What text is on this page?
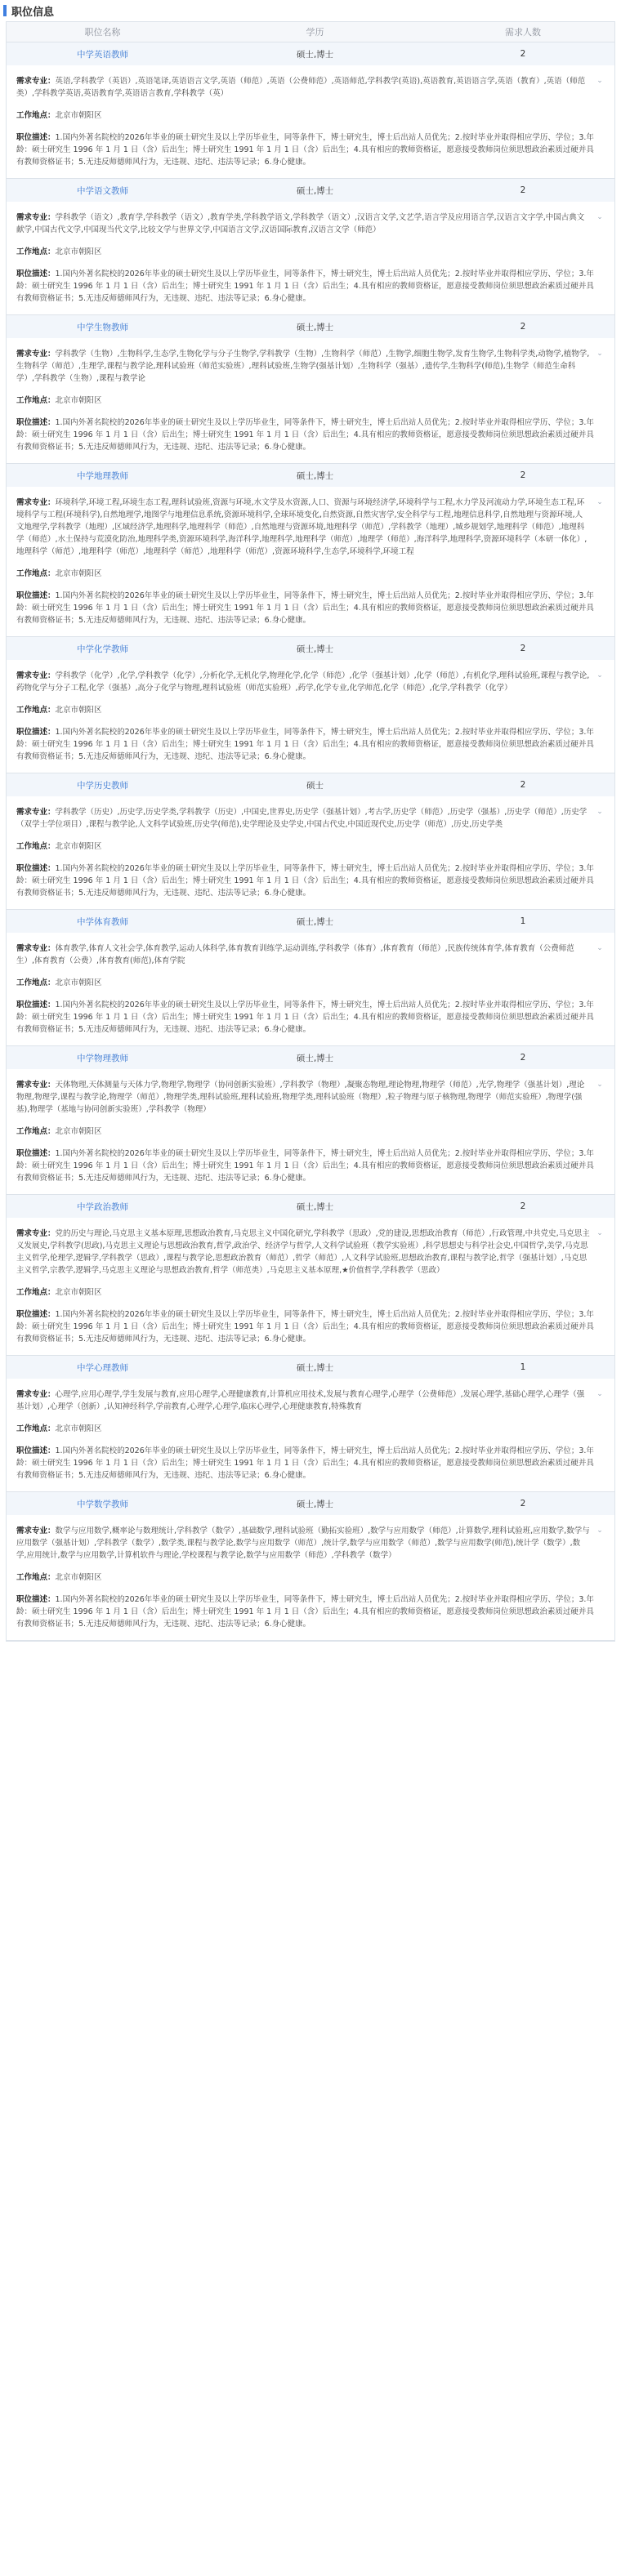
职位信息
职位名称	学历	需求人数
中学英语教师	硕士,博士	2
需求专业：英语,学科教学（英语）,英语笔译,英语语言文学,英语（师范）,英语（公费师范）,英语师范,学科教学(英语),英语教育,英语语言学,英语（教育）,英语（师范类）,学科教学英语,英语教育学,英语语言教育,学科教学（英）
⌄
工作地点：北京市朝阳区
职位描述：1.国内外著名院校的2026年毕业的硕士研究生及以上学历毕业生，同等条件下，博士研究生，博士后出站人员优先；2.按时毕业并取得相应学历、学位；3.年龄：硕士研究生 1996 年 1 月 1 日（含）后出生；博士研究生 1991 年 1 月 1 日（含）后出生；4.具有相应的教师资格证，愿意接受教师岗位须思想政治素质过硬并具有教师资格证书；5.无违反师德师风行为，无违规、违纪、违法等记录；6.身心健康。
中学语文教师	硕士,博士	2
需求专业：学科教学（语文）,教育学,学科教学（语文）,教育学类,学科教学语文,学科教学（语文）,汉语言文学,文艺学,语言学及应用语言学,汉语言文字学,中国古典文献学,中国古代文学,中国现当代文学,比较文学与世界文学,中国语言文学,汉语国际教育,汉语言文学（师范）
⌄
工作地点：北京市朝阳区
职位描述：1.国内外著名院校的2026年毕业的硕士研究生及以上学历毕业生，同等条件下，博士研究生，博士后出站人员优先；2.按时毕业并取得相应学历、学位；3.年龄：硕士研究生 1996 年 1 月 1 日（含）后出生；博士研究生 1991 年 1 月 1 日（含）后出生；4.具有相应的教师资格证，愿意接受教师岗位须思想政治素质过硬并具有教师资格证书；5.无违反师德师风行为，无违规、违纪、违法等记录；6.身心健康。
中学生物教师	硕士,博士	2
需求专业：学科教学（生物）,生物科学,生态学,生物化学与分子生物学,学科教学（生物）,生物科学（师范）,生物学,细胞生物学,发育生物学,生物科学类,动物学,植物学,生物科学（师范）,生理学,课程与教学论,理科试验班（师范实验班）,理科试验班,生物学(强基计划）,生物科学（强基）,遗传学,生物科学(师范),生物学（师范生命科学）,学科教学（生物）,课程与教学论
⌄
工作地点：北京市朝阳区
职位描述：1.国内外著名院校的2026年毕业的硕士研究生及以上学历毕业生，同等条件下，博士研究生，博士后出站人员优先；2.按时毕业并取得相应学历、学位；3.年龄：硕士研究生 1996 年 1 月 1 日（含）后出生；博士研究生 1991 年 1 月 1 日（含）后出生；4.具有相应的教师资格证，愿意接受教师岗位须思想政治素质过硬并具有教师资格证书；5.无违反师德师风行为，无违规、违纪、违法等记录；6.身心健康。
中学地理教师	硕士,博士	2
需求专业：环境科学,环境工程,环境生态工程,理科试验班,资源与环境,水文学及水资源,人口、资源与环境经济学,环境科学与工程,水力学及河流动力学,环境生态工程,环境科学与工程(环境科学),自然地理学,地图学与地理信息系统,资源环境科学,全球环境变化,自然资源,自然灾害学,安全科学与工程,地理信息科学,自然地理与资源环境,人文地理学,学科教学（地理）,区域经济学,地理科学,地理科学（师范）,自然地理与资源环境,地理科学（师范）,学科教学（地理）,城乡规划学,地理科学（师范）,地理科学（师范）,水土保持与荒漠化防治,地理科学类,资源环境科学,海洋科学,地理科学,地理科学（师范）,地理学（师范）,海洋科学,地理科学,资源环境科学（本研一体化）,地理科学（师范）,地理科学（师范）,地理科学（师范）,地理科学（师范）,资源环境科学,生态学,环境科学,环境工程
⌄
工作地点：北京市朝阳区
职位描述：1.国内外著名院校的2026年毕业的硕士研究生及以上学历毕业生，同等条件下，博士研究生，博士后出站人员优先；2.按时毕业并取得相应学历、学位；3.年龄：硕士研究生 1996 年 1 月 1 日（含）后出生；博士研究生 1991 年 1 月 1 日（含）后出生；4.具有相应的教师资格证，愿意接受教师岗位须思想政治素质过硬并具有教师资格证书；5.无违反师德师风行为，无违规、违纪、违法等记录；6.身心健康。
中学化学教师	硕士,博士	2
需求专业：学科教学（化学）,化学,学科教学（化学）,分析化学,无机化学,物理化学,化学（师范）,化学（强基计划）,化学（师范）,有机化学,理科试验班,课程与教学论,药物化学与分子工程,化学（强基）,高分子化学与物理,理科试验班（师范实验班）,药学,化学专业,化学师范,化学（师范）,化学,学科教学（化学）
⌄
工作地点：北京市朝阳区
职位描述：1.国内外著名院校的2026年毕业的硕士研究生及以上学历毕业生，同等条件下，博士研究生，博士后出站人员优先；2.按时毕业并取得相应学历、学位；3.年龄：硕士研究生 1996 年 1 月 1 日（含）后出生；博士研究生 1991 年 1 月 1 日（含）后出生；4.具有相应的教师资格证，愿意接受教师岗位须思想政治素质过硬并具有教师资格证书；5.无违反师德师风行为，无违规、违纪、违法等记录；6.身心健康。
中学历史教师	硕士	2
需求专业：学科教学（历史）,历史学,历史学类,学科教学（历史）,中国史,世界史,历史学（强基计划）,考古学,历史学（师范）,历史学（强基）,历史学（师范）,历史学（双学士学位项目）,课程与教学论,人文科学试验班,历史学(师范),史学理论及史学史,中国古代史,中国近现代史,历史学（师范）,历史,历史学类
⌄
工作地点：北京市朝阳区
职位描述：1.国内外著名院校的2026年毕业的硕士研究生及以上学历毕业生，同等条件下，博士研究生，博士后出站人员优先；2.按时毕业并取得相应学历、学位；3.年龄：硕士研究生 1996 年 1 月 1 日（含）后出生；博士研究生 1991 年 1 月 1 日（含）后出生；4.具有相应的教师资格证，愿意接受教师岗位须思想政治素质过硬并具有教师资格证书；5.无违反师德师风行为，无违规、违纪、违法等记录；6.身心健康。
中学体育教师	硕士,博士	1
需求专业：体育教学,体育人文社会学,体育教学,运动人体科学,体育教育训练学,运动训练,学科教学（体育）,体育教育（师范）,民族传统体育学,体育教育（公费师范生）,体育教育（公费）,体育教育(师范),体育学院
⌄
工作地点：北京市朝阳区
职位描述：1.国内外著名院校的2026年毕业的硕士研究生及以上学历毕业生，同等条件下，博士研究生，博士后出站人员优先；2.按时毕业并取得相应学历、学位；3.年龄：硕士研究生 1996 年 1 月 1 日（含）后出生；博士研究生 1991 年 1 月 1 日（含）后出生；4.具有相应的教师资格证，愿意接受教师岗位须思想政治素质过硬并具有教师资格证书；5.无违反师德师风行为，无违规、违纪、违法等记录；6.身心健康。
中学物理教师	硕士,博士	2
需求专业：天体物理,天体测量与天体力学,物理学,物理学（协同创新实验班）,学科教学（物理）,凝聚态物理,理论物理,物理学（师范）,光学,物理学（强基计划）,理论物理,物理学,课程与教学论,物理学（师范）,物理学类,理科试验班,理科试验班,物理学类,理科试验班（物理）,粒子物理与原子核物理,物理学（师范实验班）,物理学(强基),物理学（基地与协同创新实验班）,学科教学（物理）
⌄
工作地点：北京市朝阳区
职位描述：1.国内外著名院校的2026年毕业的硕士研究生及以上学历毕业生，同等条件下，博士研究生，博士后出站人员优先；2.按时毕业并取得相应学历、学位；3.年龄：硕士研究生 1996 年 1 月 1 日（含）后出生；博士研究生 1991 年 1 月 1 日（含）后出生；4.具有相应的教师资格证，愿意接受教师岗位须思想政治素质过硬并具有教师资格证书；5.无违反师德师风行为，无违规、违纪、违法等记录；6.身心健康。
中学政治教师	硕士,博士	2
需求专业：党的历史与理论,马克思主义基本原理,思想政治教育,马克思主义中国化研究,学科教学（思政）,党的建设,思想政治教育（师范）,行政管理,中共党史,马克思主义发展史,学科教学(思政),马克思主义理论与思想政治教育,哲学,政治学、经济学与哲学,人文科学试验班（教学实验班）,科学思想史与科学社会史,中国哲学,美学,马克思主义哲学,伦理学,逻辑学,学科教学（思政）,课程与教学论,思想政治教育（师范）,哲学（师范）,人文科学试验班,思想政治教育,课程与教学论,哲学（强基计划）,马克思主义哲学,宗教学,逻辑学,马克思主义理论与思想政治教育,哲学（师范类）,马克思主义基本原理,★价值哲学,学科教学（思政）
⌄
工作地点：北京市朝阳区
职位描述：1.国内外著名院校的2026年毕业的硕士研究生及以上学历毕业生，同等条件下，博士研究生，博士后出站人员优先；2.按时毕业并取得相应学历、学位；3.年龄：硕士研究生 1996 年 1 月 1 日（含）后出生；博士研究生 1991 年 1 月 1 日（含）后出生；4.具有相应的教师资格证，愿意接受教师岗位须思想政治素质过硬并具有教师资格证书；5.无违反师德师风行为，无违规、违纪、违法等记录；6.身心健康。
中学心理教师	硕士,博士	1
需求专业：心理学,应用心理学,学生发展与教育,应用心理学,心理健康教育,计算机应用技术,发展与教育心理学,心理学（公费师范）,发展心理学,基础心理学,心理学（强基计划）,心理学（创新）,认知神经科学,学前教育,心理学,心理学,临床心理学,心理健康教育,特殊教育
⌄
工作地点：北京市朝阳区
职位描述：1.国内外著名院校的2026年毕业的硕士研究生及以上学历毕业生，同等条件下，博士研究生，博士后出站人员优先；2.按时毕业并取得相应学历、学位；3.年龄：硕士研究生 1996 年 1 月 1 日（含）后出生；博士研究生 1991 年 1 月 1 日（含）后出生；4.具有相应的教师资格证，愿意接受教师岗位须思想政治素质过硬并具有教师资格证书；5.无违反师德师风行为，无违规、违纪、违法等记录；6.身心健康。
中学数学教师	硕士,博士	2
需求专业：数学与应用数学,概率论与数理统计,学科教学（数学）,基础数学,理科试验班（勤拓实验班）,数学与应用数学（师范）,计算数学,理科试验班,应用数学,数学与应用数学（强基计划）,学科教学（数学）,数学类,课程与教学论,数学与应用数学（师范）,统计学,数学与应用数学（师范）,数学与应用数学(师范),统计学（数学）,数学,应用统计,数学与应用数学,计算机软件与理论,学校课程与教学论,数学与应用数学（师范）,学科教学（数学）
⌄
工作地点：北京市朝阳区
职位描述：1.国内外著名院校的2026年毕业的硕士研究生及以上学历毕业生，同等条件下，博士研究生，博士后出站人员优先；2.按时毕业并取得相应学历、学位；3.年龄：硕士研究生 1996 年 1 月 1 日（含）后出生；博士研究生 1991 年 1 月 1 日（含）后出生；4.具有相应的教师资格证，愿意接受教师岗位须思想政治素质过硬并具有教师资格证书；5.无违反师德师风行为，无违规、违纪、违法等记录；6.身心健康。
